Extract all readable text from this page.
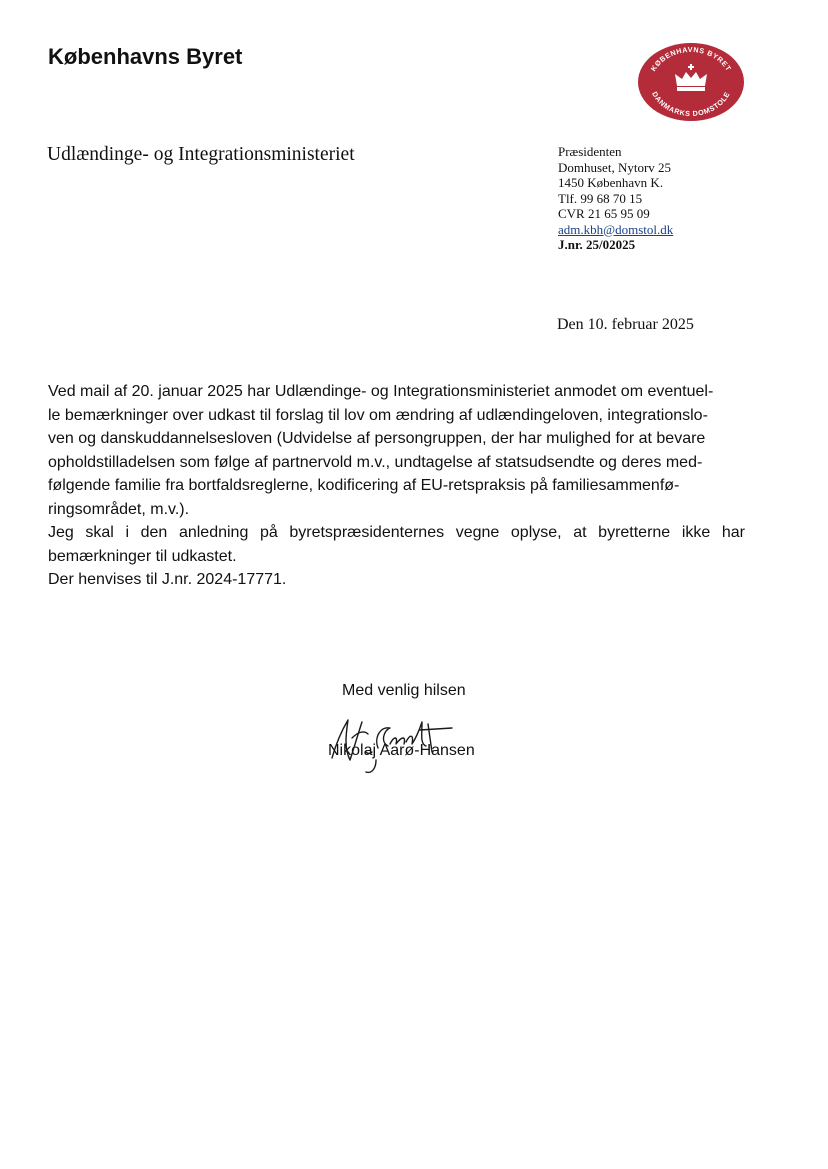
Københavns Byret	KØBENHAVNS BYRET
DANMARKS DOMSTOLE
Udlændinge- og Integrationsministeriet	Præsidenten
Domhuset, Nytorv 25
1450 København K.
Tlf. 99 68 70 15
CVR 21 65 95 09
adm.kbh@domstol.dk
J.nr. 25/02025
Den 10. februar 2025

Ved mail af 20. januar 2025 har Udlændinge- og Integrationsministeriet anmodet om eventuel-
le bemærkninger over udkast til forslag til lov om ændring af udlændingeloven, integrationslo-
ven og danskuddannelsesloven (Udvidelse af persongruppen, der har mulighed for at bevare
opholdstilladelsen som følge af partnervold m.v., undtagelse af statsudsendte og deres med-
følgende familie fra bortfaldsreglerne, kodificering af EU-retspraksis på familiesammenfø-
ringsområdet, m.v.).

Jeg skal i den anledning på byretspræsidenternes vegne oplyse, at byretterne ikke har bemærkninger til udkastet.

Der henvises til J.nr. 2024-17771.

Med venlig hilsen
Nikolaj Aarø-Hansen
